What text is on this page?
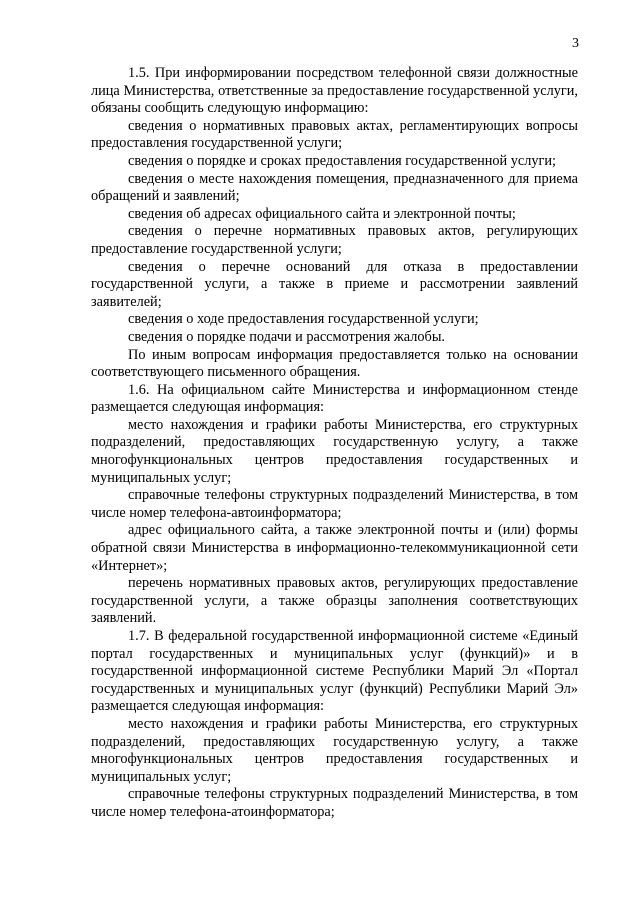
3

1.5. При информировании посредством телефонной связи должностные лица Министерства, ответственные за предоставление государственной услуги, обязаны сообщить следующую информацию:

сведения о нормативных правовых актах, регламентирующих вопросы предоставления государственной услуги;

сведения о порядке и сроках предоставления государственной услуги;

сведения о месте нахождения помещения, предназначенного для приема обращений и заявлений;

сведения об адресах официального сайта и электронной почты;

сведения о перечне нормативных правовых актов, регулирующих предоставление государственной услуги;

сведения о перечне оснований для отказа в предоставлении государственной услуги, а также в приеме и рассмотрении заявлений заявителей;

сведения о ходе предоставления государственной услуги;

сведения о порядке подачи и рассмотрения жалобы.

По иным вопросам информация предоставляется только на основании соответствующего письменного обращения.

1.6. На официальном сайте Министерства и информационном стенде размещается следующая информация:

место нахождения и графики работы Министерства, его структурных подразделений, предоставляющих государственную услугу, а также многофункциональных центров предоставления государственных и муниципальных услуг;

справочные телефоны структурных подразделений Министерства, в том числе номер телефона-автоинформатора;

адрес официального сайта, а также электронной почты и (или) формы обратной связи Министерства в информационно-телекоммуникационной сети «Интернет»;

перечень нормативных правовых актов, регулирующих предоставление государственной услуги, а также образцы заполнения соответствующих заявлений.

1.7. В федеральной государственной информационной системе «Единый портал государственных и муниципальных услуг (функций)» и в государственной информационной системе Республики Марий Эл «Портал государственных и муниципальных услуг (функций) Республики Марий Эл» размещается следующая информация:

место нахождения и графики работы Министерства, его структурных подразделений, предоставляющих государственную услугу, а также многофункциональных центров предоставления государственных и муниципальных услуг;

справочные телефоны структурных подразделений Министерства, в том числе номер телефона-атоинформатора;
